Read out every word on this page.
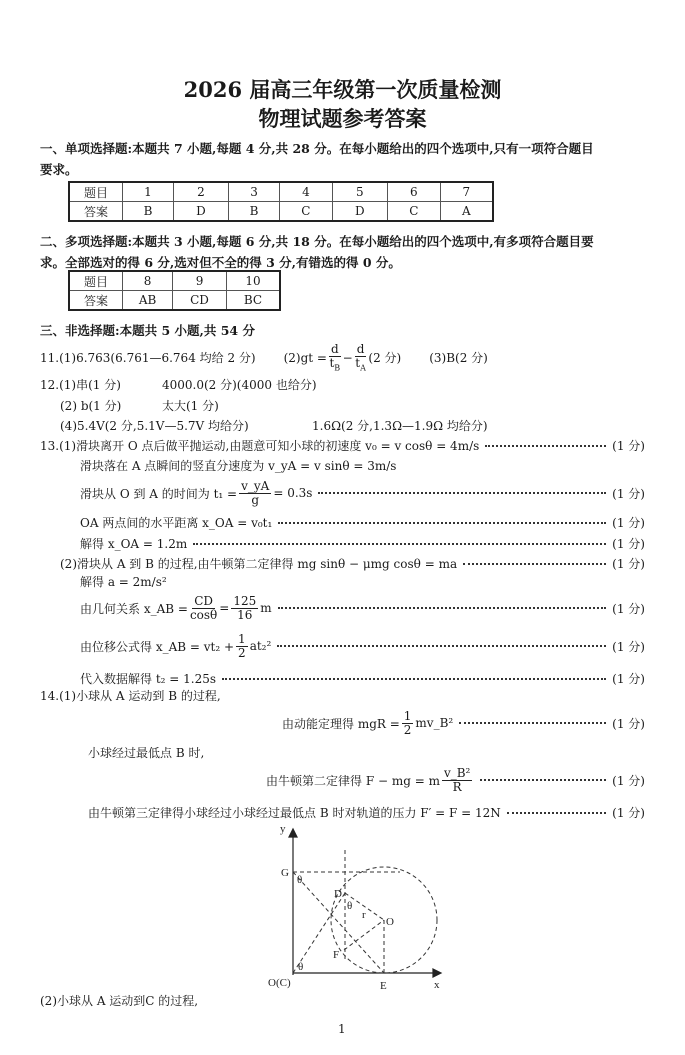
2026 届高三年级第一次质量检测
物理试题参考答案
一、单项选择题:本题共 7 小题,每题 4 分,共 28 分。在每小题给出的四个选项中,只有一项符合题目
要求。
题目	1	2	3	4	5	6	7
答案	B	D	B	C	D	C	A
二、多项选择题:本题共 3 小题,每题 6 分,共 18 分。在每小题给出的四个选项中,有多项符合题目要
求。全部选对的得 6 分,选对但不全的得 3 分,有错选的得 0 分。
题目	8	9	10
答案	AB	CD	BC
三、非选择题:本题共 5 小题,共 54 分
11.(1)6.763(6.761—6.764 均给 2 分) $(2)gt = \frac{d}{t_B} - \frac{d}{t_A} (2$ 分) (3)B(2 分)
12.(1)串(1 分)	4000.0(2 分)(4000 也给分)
(2) b(1 分)	太大(1 分)
(4)5.4V(2 分,5.1V—5.7V 均给分)	1.6Ω(2 分,1.3Ω—1.9Ω 均给分)
13.(1)滑块离开 O 点后做平抛运动,由题意可知小球的初速度 v₀ = v cosθ = 4m/s	(1 分)
滑块落在 A 点瞬间的竖直分速度为 v_yA = v sinθ = 3m/s
滑块从 O 到 A 的时间为 $t_1 = \frac{v\_yA}{g} = 0.3s$	(1 分)
OA 两点间的水平距离 x_OA = v₀t₁	(1 分)
解得 x_OA = 1.2m	(1 分)
(2)滑块从 A 到 B 的过程,由牛顿第二定律得 mg sinθ − μmg cosθ = ma	(1 分)
解得 a = 2m/s²
由几何关系 x_AB = $\frac{CD}{\cos\theta} = \frac{125}{16}$ m	(1 分)
由位移公式得 x_AB = $vt_2 + \frac{1}{2} at_2^2$	(1 分)
代入数据解得 t₂ = 1.25s	(1 分)
14.(1)小球从 A 运动到 B 的过程,
由动能定理得 mgR = $\frac{1}{2}$ mv_B²	(1 分)
小球经过最低点 B 时,
由牛顿第二定律得 F − mg = m $\frac{\text{v\_B²}}{R}$	(1 分)
由牛顿第三定律得小球经过小球经过最低点 B 时对轨道的压力 F′ = F = 12N	(1 分)
y
x
G
θ
D
θ
r
O
F
θ
O(C)	E
(2)小球从 A 运动到C 的过程,
1
